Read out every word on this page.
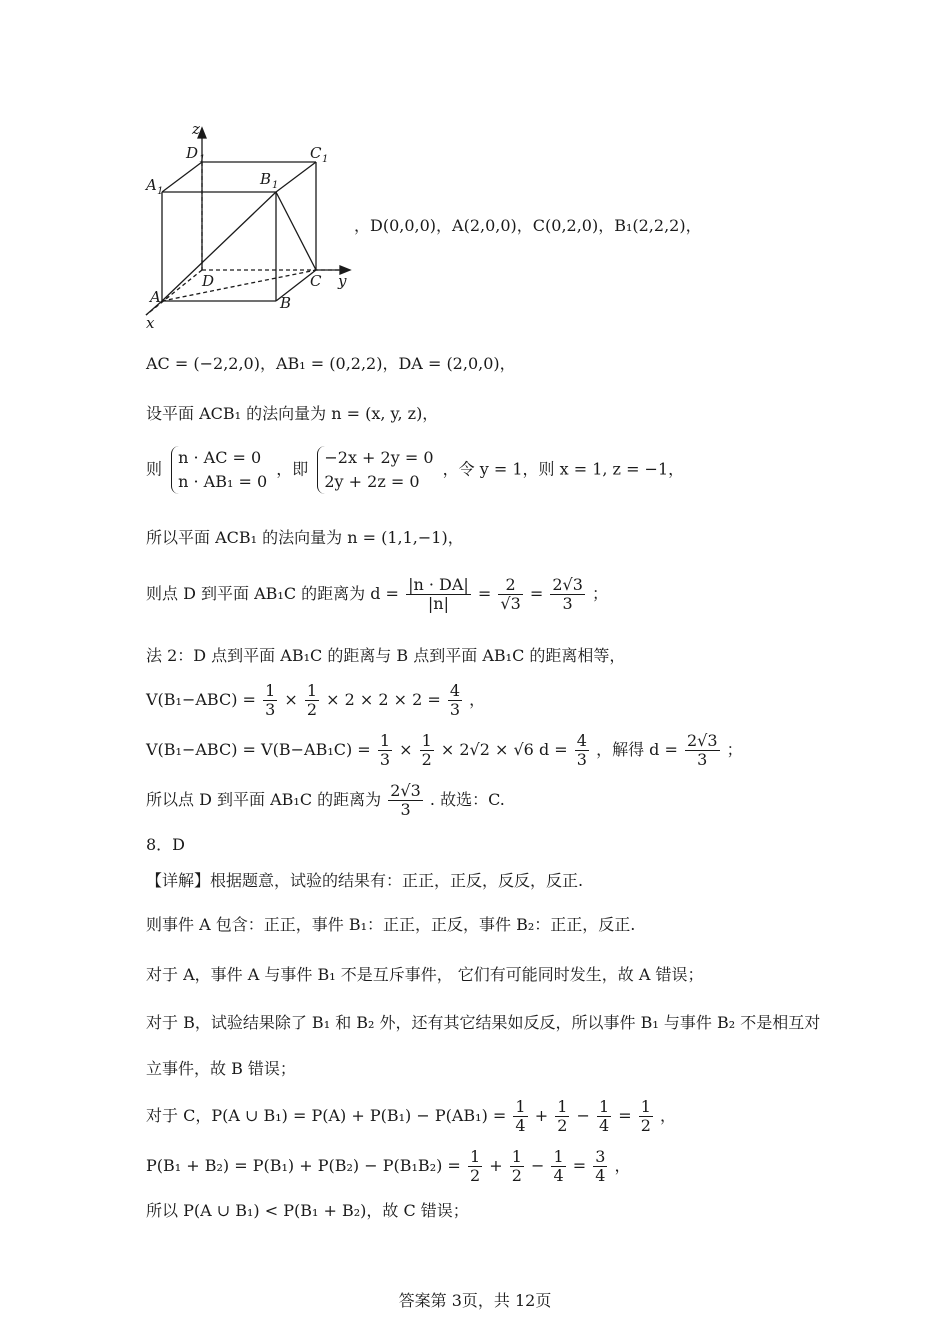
z
D 1	C 1
A 1
B 1
D	C y
A	B
x
，D(0,0,0)，A(2,0,0)，C(0,2,0)，B₁(2,2,2)，
AC = (−2,2,0)，AB₁ = (0,2,2)，DA = (2,0,0)，
设平面 ACB₁ 的法向量为 n = (x, y, z)，
则
n · AC = 0
n · AB₁ = 0
，即
−2x + 2y = 0
2y + 2z = 0
，令 y = 1，则 x = 1, z = −1，
所以平面 ACB₁ 的法向量为 n = (1,1,−1)，
则点 D 到平面 AB₁C 的距离为 $d = \frac{|n \cdot DA|}{|n|} = \frac{2}{√3} = \frac{2√3}{3}$ ；
法 2：D 点到平面 AB₁C 的距离与 B 点到平面 AB₁C 的距离相等，
$V(B_1-ABC) = \frac{1}{3} \times \frac{1}{2} \times 2 \times 2 \times 2 = \frac{4}{3}$ ，
$V(B_1-ABC) = V(B-AB_1C) = \frac{1}{3} \times \frac{1}{2} \times 2√2 \times √6$ $d = \frac{4}{3}$ ，解得 $d = \frac{2√3}{3}$ ；
所以点 D 到平面 AB₁C 的距离为 $\frac{2√3}{3}$ . 故选：C.
8．D
【详解】根据题意，试验的结果有：正正，正反，反反，反正.
则事件 A 包含：正正，事件 B₁：正正，正反，事件 B₂：正正，反正.
对于 A，事件 A 与事件 B₁ 不是互斥事件， 它们有可能同时发生，故 A 错误；
对于 B，试验结果除了 B₁ 和 B₂ 外，还有其它结果如反反，所以事件 B₁ 与事件 B₂ 不是相互对
立事件，故 B 错误；
对于 C，P(A ∪ $B_1) = P(A) + P(B_1) - P(AB_1) = \frac{1}{4} + \frac{1}{2} - \frac{1}{4} = \frac{1}{2}$ ，
$P(B_1 + B_2) = P(B_1) + P(B_2) - P(B_1B_2) = \frac{1}{2} + \frac{1}{2} - \frac{1}{4} = \frac{3}{4}$ ，
所以 P(A ∪ B₁) < P(B₁ + B₂)，故 C 错误；
答案第 3页，共 12页
